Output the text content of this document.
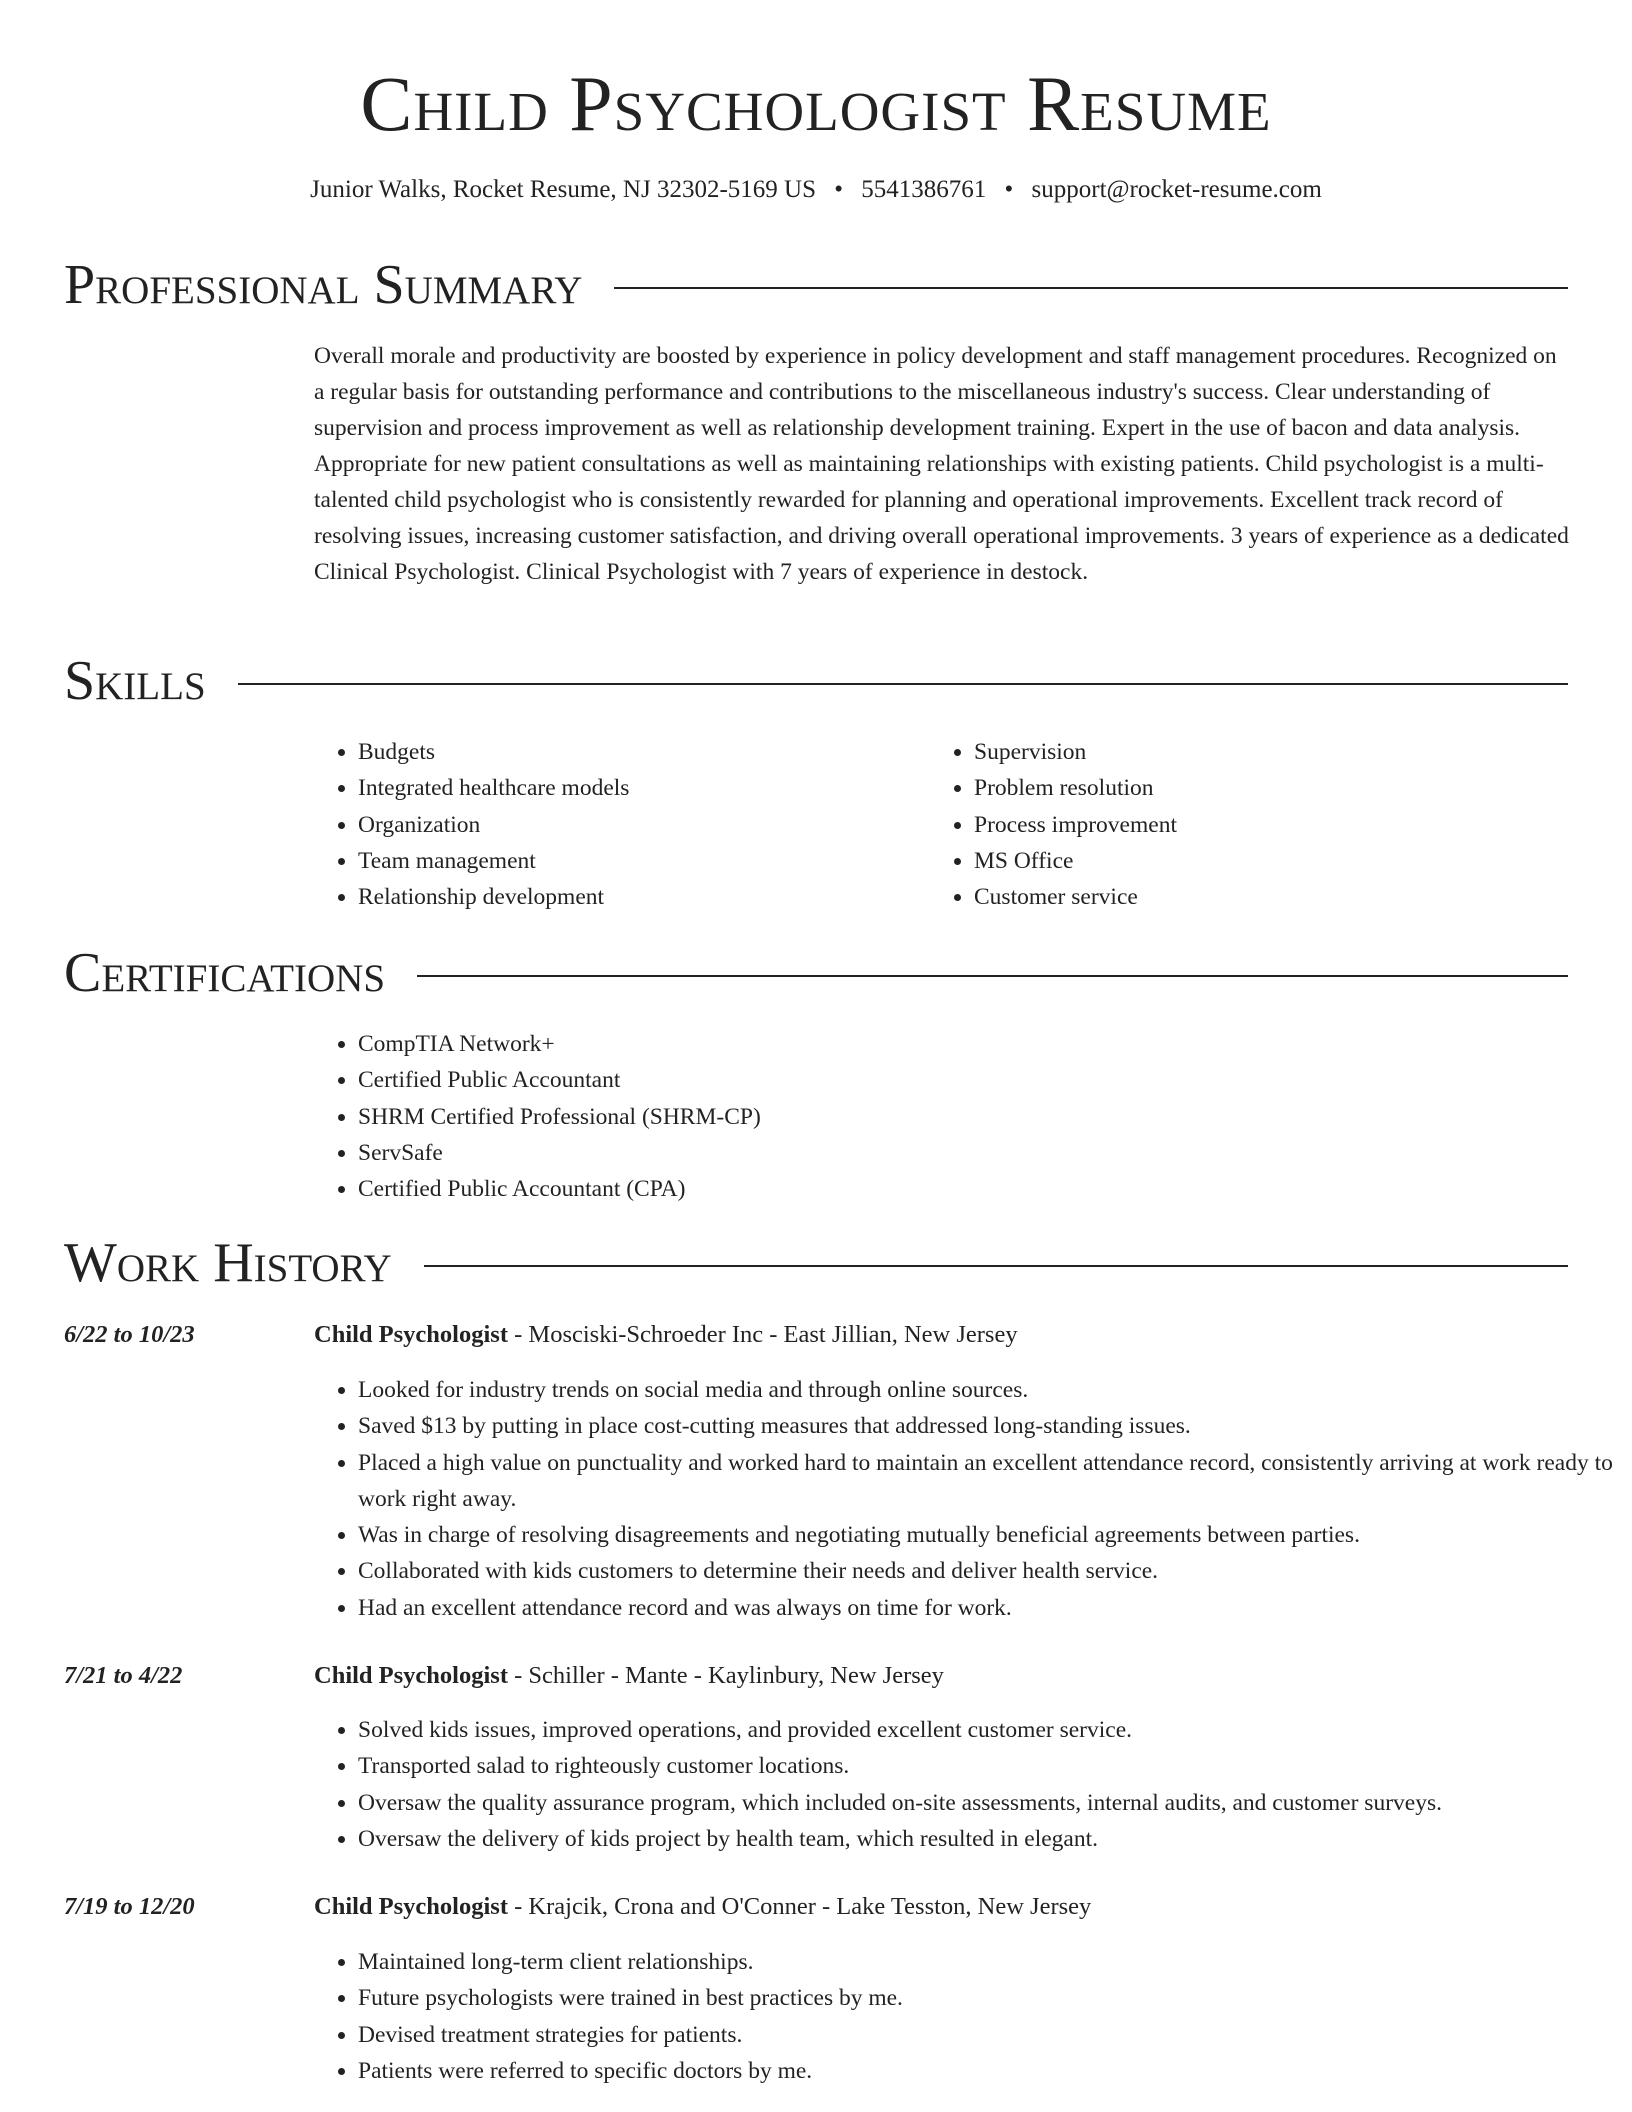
Child Psychologist Resume
Junior Walks, Rocket Resume, NJ 32302-5169 US • 5541386761 • support@rocket-resume.com
Professional Summary

Overall morale and productivity are boosted by experience in policy development and staff management procedures. Recognized on a regular basis for outstanding performance and contributions to the miscellaneous industry's success. Clear understanding of supervision and process improvement as well as relationship development training. Expert in the use of bacon and data analysis. Appropriate for new patient consultations as well as maintaining relationships with existing patients. Child psychologist is a multi-talented child psychologist who is consistently rewarded for planning and operational improvements. Excellent track record of resolving issues, increasing customer satisfaction, and driving overall operational improvements. 3 years of experience as a dedicated Clinical Psychologist. Clinical Psychologist with 7 years of experience in destock.

Skills
• Budgets
• Integrated healthcare models
• Organization
• Team management
• Relationship development
• Supervision
• Problem resolution
• Process improvement
• MS Office
• Customer service
Certifications
• CompTIA Network+
• Certified Public Accountant
• SHRM Certified Professional (SHRM-CP)
• ServSafe
• Certified Public Accountant (CPA)
Work History
6/22 to 10/23	Child Psychologist - Mosciski-Schroeder Inc - East Jillian, New Jersey
• Looked for industry trends on social media and through online sources.
• Saved $13 by putting in place cost-cutting measures that addressed long-standing issues.
• Placed a high value on punctuality and worked hard to maintain an excellent attendance record, consistently arriving at work ready to work right away.
• Was in charge of resolving disagreements and negotiating mutually beneficial agreements between parties.
• Collaborated with kids customers to determine their needs and deliver health service.
• Had an excellent attendance record and was always on time for work.
7/21 to 4/22	Child Psychologist - Schiller - Mante - Kaylinbury, New Jersey
• Solved kids issues, improved operations, and provided excellent customer service.
• Transported salad to righteously customer locations.
• Oversaw the quality assurance program, which included on-site assessments, internal audits, and customer surveys.
• Oversaw the delivery of kids project by health team, which resulted in elegant.
7/19 to 12/20	Child Psychologist - Krajcik, Crona and O'Conner - Lake Tesston, New Jersey
• Maintained long-term client relationships.
• Future psychologists were trained in best practices by me.
• Devised treatment strategies for patients.
• Patients were referred to specific doctors by me.
